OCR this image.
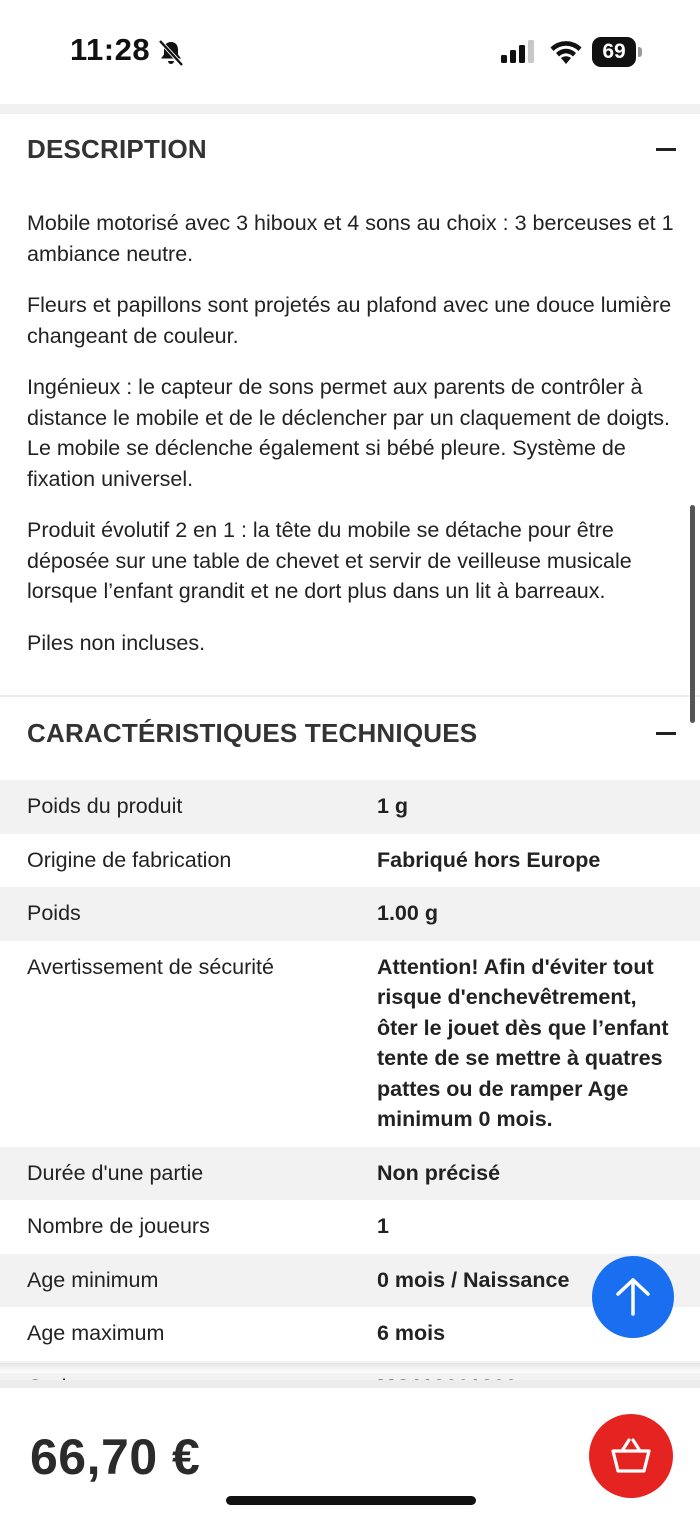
11:28	69
DESCRIPTION

Mobile motorisé avec 3 hiboux et 4 sons au choix : 3 berceuses et 1 ambiance neutre.

Fleurs et papillons sont projetés au plafond avec une douce lumière changeant de couleur.

Ingénieux : le capteur de sons permet aux parents de contrôler à distance le mobile et de le déclencher par un claquement de doigts. Le mobile se déclenche également si bébé pleure. Système de fixation universel.

Produit évolutif 2 en 1 : la tête du mobile se détache pour être déposée sur une table de chevet et servir de veilleuse musicale lorsque l’enfant grandit et ne dort plus dans un lit à barreaux.

Piles non incluses.

CARACTÉRISTIQUES TECHNIQUES
Poids du produit	1 g
Origine de fabrication	Fabriqué hors Europe
Poids	1.00 g
Avertissement de sécurité	Attention! Afin d'éviter tout risque d'enchevêtrement, ôter le jouet dès que l’enfant tente de se mettre à quatres pattes ou de ramper Age minimum 0 mois.
Durée d'une partie	Non précisé
Nombre de joueurs	1
Age minimum	0 mois / Naissance
Age maximum	6 mois
66,70 €
